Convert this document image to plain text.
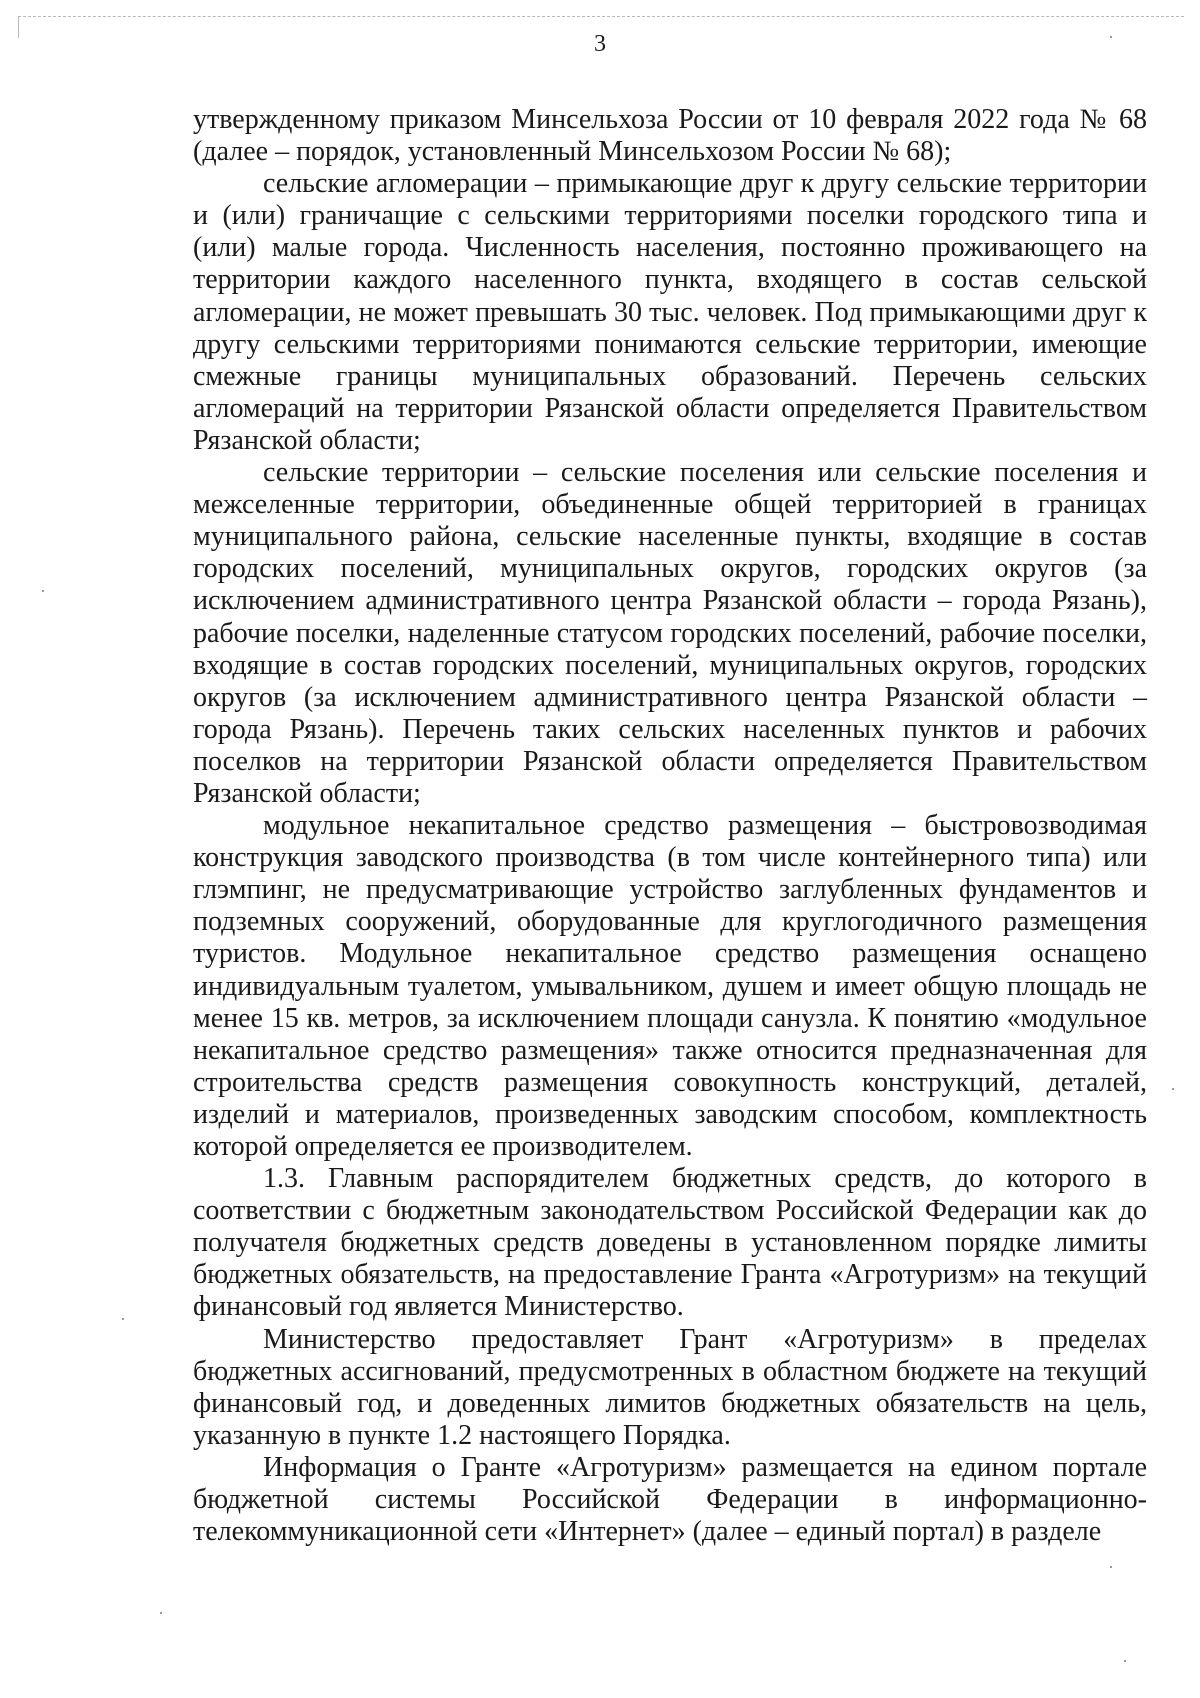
3

утвержденному приказом Минсельхоза России от 10 февраля 2022 года № 68 (далее – порядок, установленный Минсельхозом России № 68);

сельские агломерации – примыкающие друг к другу сельские территории и (или) граничащие с сельскими территориями поселки городского типа и (или) малые города. Численность населения, постоянно проживающего на территории каждого населенного пункта, входящего в состав сельской агломерации, не может превышать 30 тыс. человек. Под примыкающими друг к другу сельскими территориями понимаются сельские территории, имеющие смежные границы муниципальных образований. Перечень сельских агломераций на территории Рязанской области определяется Правительством Рязанской области;

сельские территории – сельские поселения или сельские поселения и межселенные территории, объединенные общей территорией в границах муниципального района, сельские населенные пункты, входящие в состав городских поселений, муниципальных округов, городских округов (за исключением административного центра Рязанской области – города Рязань), рабочие поселки, наделенные статусом городских поселений, рабочие поселки, входящие в состав городских поселений, муниципальных округов, городских округов (за исключением административного центра Рязанской области – города Рязань). Перечень таких сельских населенных пунктов и рабочих поселков на территории Рязанской области определяется Правительством Рязанской области;

модульное некапитальное средство размещения – быстровозводимая конструкция заводского производства (в том числе контейнерного типа) или глэмпинг, не предусматривающие устройство заглубленных фундаментов и подземных сооружений, оборудованные для круглогодичного размещения туристов. Модульное некапитальное средство размещения оснащено индивидуальным туалетом, умывальником, душем и имеет общую площадь не менее 15 кв. метров, за исключением площади санузла. К понятию «модульное некапитальное средство размещения» также относится предназначенная для строительства средств размещения совокупность конструкций, деталей, изделий и материалов, произведенных заводским способом, комплектность которой определяется ее производителем.

1.3. Главным распорядителем бюджетных средств, до которого в соответствии с бюджетным законодательством Российской Федерации как до получателя бюджетных средств доведены в установленном порядке лимиты бюджетных обязательств, на предоставление Гранта «Агротуризм» на текущий финансовый год является Министерство.

Министерство предоставляет Грант «Агротуризм» в пределах бюджетных ассигнований, предусмотренных в областном бюджете на текущий финансовый год, и доведенных лимитов бюджетных обязательств на цель, указанную в пункте 1.2 настоящего Порядка.

Информация о Гранте «Агротуризм» размещается на едином портале бюджетной системы Российской Федерации в информационно-телекоммуникационной сети «Интернет» (далее – единый портал) в разделе
